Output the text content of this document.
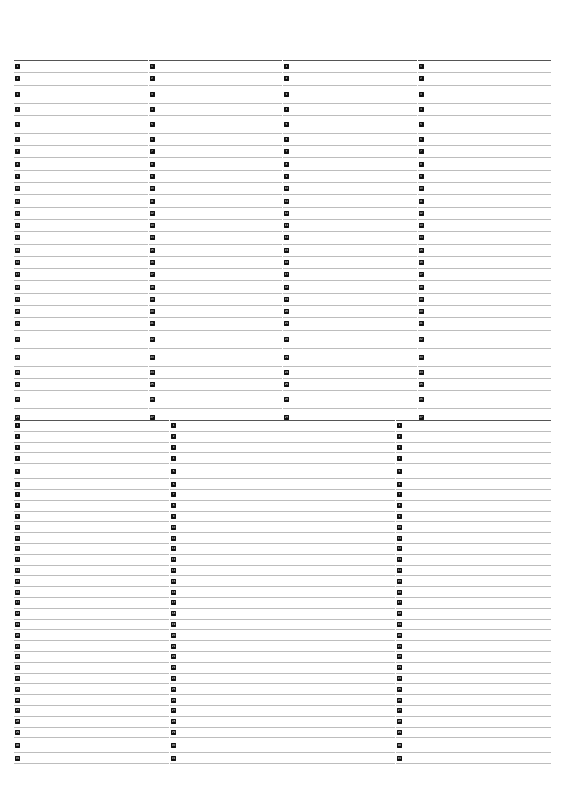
1
2
3
4
5
6
7
8
9
10
11
12
13
14
15
16
17
18
19
20
21
22
23
24
25
26
27
1
2
3
4
5
6
7
8
9
10
11
12
13
14
15
16
17
18
19
20
21
22
23
24
25
26
27
1
2
3
4
5
6
7
8
9
10
11
12
13
14
15
16
17
18
19
20
21
22
23
24
25
26
27
1
2
3
4
5
6
7
8
9
10
11
12
13
14
15
16
17
18
19
20
21
22
23
24
25
26
27
1
2
3
4
5
6
7
8
9
10
11
12
13
14
15
16
17
18
19
20
21
22
23
24
25
26
27
28
29
30
31
1
2
3
4
5
6
7
8
9
10
11
12
13
14
15
16
17
18
19
20
21
22
23
24
25
26
27
28
29
30
31
1
2
3
4
5
6
7
8
9
10
11
12
13
14
15
16
17
18
19
20
21
22
23
24
25
26
27
28
29
30
31
